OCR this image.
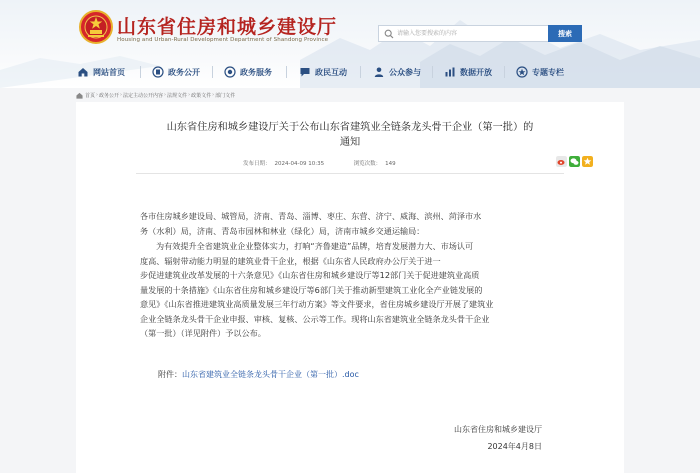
山东省住房和城乡建设厅
Housing and Urban-Rural Development Department of Shandong Province
请输入您要搜索的内容
搜索
网站首页	政务公开	政务服务	政民互动	公众参与	数据开放	专题专栏
首页 › 政务公开 › 法定主动公开内容 › 法规文件 › 政策文件 › 部门文件
山东省住房和城乡建设厅关于公布山东省建筑业全链条龙头骨干企业（第一批）的
通知
发布日期： 2024-04-09 10:35	浏览次数： 149
各市住房城乡建设局、城管局，济南、青岛、淄博、枣庄、东营、济宁、威海、滨州、菏泽市水
务（水利）局，济南、青岛市园林和林业（绿化）局，济南市城乡交通运输局：
为有效提升全省建筑业企业整体实力，打响“齐鲁建造”品牌，培育发展潜力大、市场认可
度高、辐射带动能力明显的建筑业骨干企业，根据《山东省人民政府办公厅关于进一
步促进建筑业改革发展的十六条意见》《山东省住房和城乡建设厅等12部门关于促进建筑业高质
量发展的十条措施》《山东省住房和城乡建设厅等6部门关于推动新型建筑工业化全产业链发展的
意见》《山东省推进建筑业高质量发展三年行动方案》等文件要求，省住房城乡建设厅开展了建筑业
企业全链条龙头骨干企业申报、审核、复核、公示等工作。现将山东省建筑业全链条龙头骨干企业
（第一批）（详见附件）予以公布。
附件：山东省建筑业全链条龙头骨干企业（第一批）.doc
山东省住房和城乡建设厅
2024年4月8日
